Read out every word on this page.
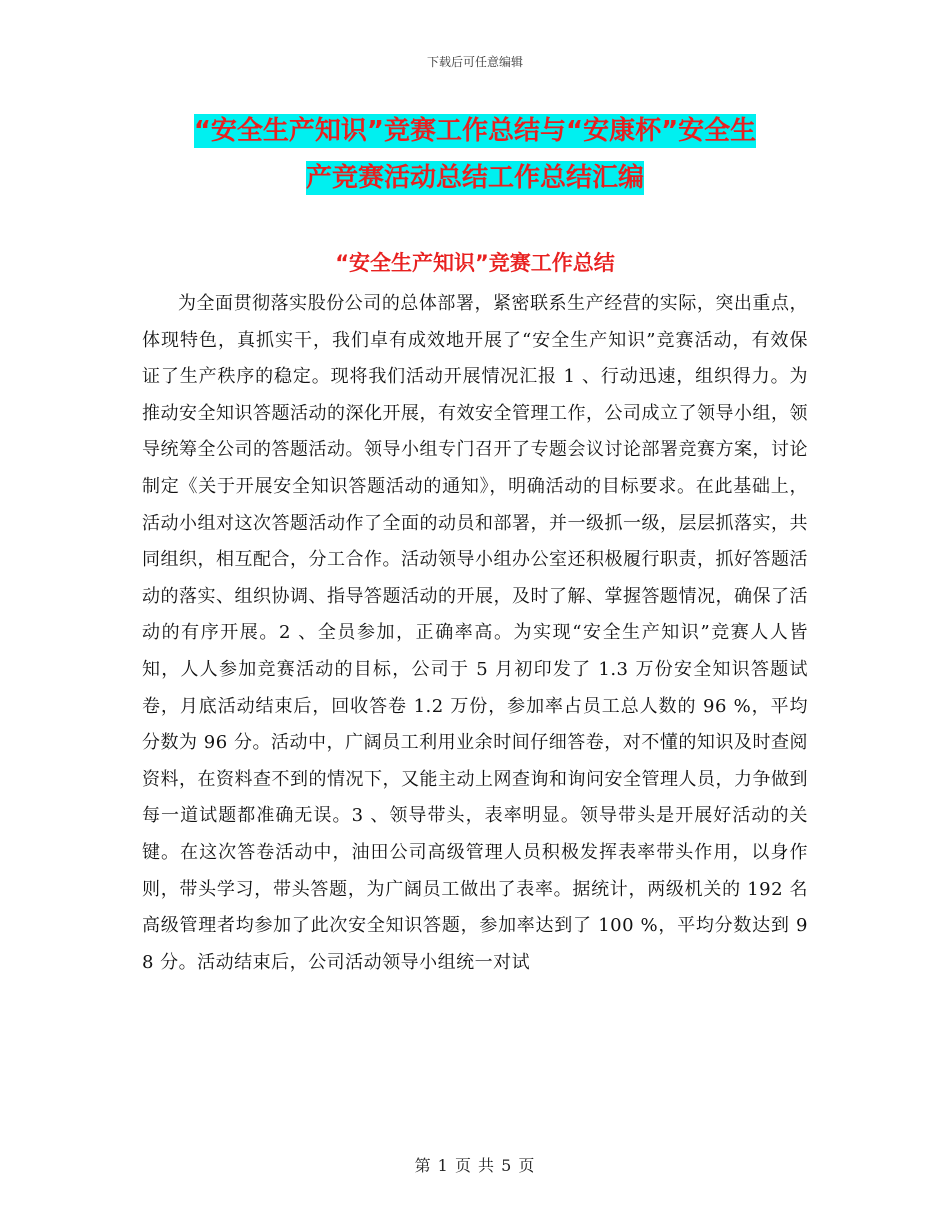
下载后可任意编辑
“安全生产知识”竞赛工作总结与“安康杯”安全生
产竞赛活动总结工作总结汇编
“安全生产知识”竞赛工作总结

为全面贯彻落实股份公司的总体部署，紧密联系生产经营的实际，突出重点，体现特色，真抓实干，我们卓有成效地开展了“安全生产知识”竞赛活动，有效保证了生产秩序的稳定。现将我们活动开展情况汇报 1 、行动迅速，组织得力。为推动安全知识答题活动的深化开展，有效安全管理工作，公司成立了领导小组，领导统筹全公司的答题活动。领导小组专门召开了专题会议讨论部署竞赛方案，讨论制定《关于开展安全知识答题活动的通知》，明确活动的目标要求。在此基础上，活动小组对这次答题活动作了全面的动员和部署，并一级抓一级，层层抓落实，共同组织，相互配合，分工合作。活动领导小组办公室还积极履行职责，抓好答题活动的落实、组织协调、指导答题活动的开展，及时了解、掌握答题情况，确保了活动的有序开展。2 、全员参加，正确率高。为实现“安全生产知识”竞赛人人皆知，人人参加竞赛活动的目标，公司于 5 月初印发了 1.3 万份安全知识答题试卷，月底活动结束后，回收答卷 1.2 万份，参加率占员工总人数的 96 %，平均分数为 96 分。活动中，广阔员工利用业余时间仔细答卷，对不懂的知识及时查阅资料，在资料查不到的情况下，又能主动上网查询和询问安全管理人员，力争做到每一道试题都准确无误。3 、领导带头，表率明显。领导带头是开展好活动的关键。在这次答卷活动中，油田公司高级管理人员积极发挥表率带头作用，以身作则，带头学习，带头答题，为广阔员工做出了表率。据统计，两级机关的 192 名高级管理者均参加了此次安全知识答题，参加率达到了 100 %，平均分数达到 98 分。活动结束后，公司活动领导小组统一对试

第 1 页 共 5 页
